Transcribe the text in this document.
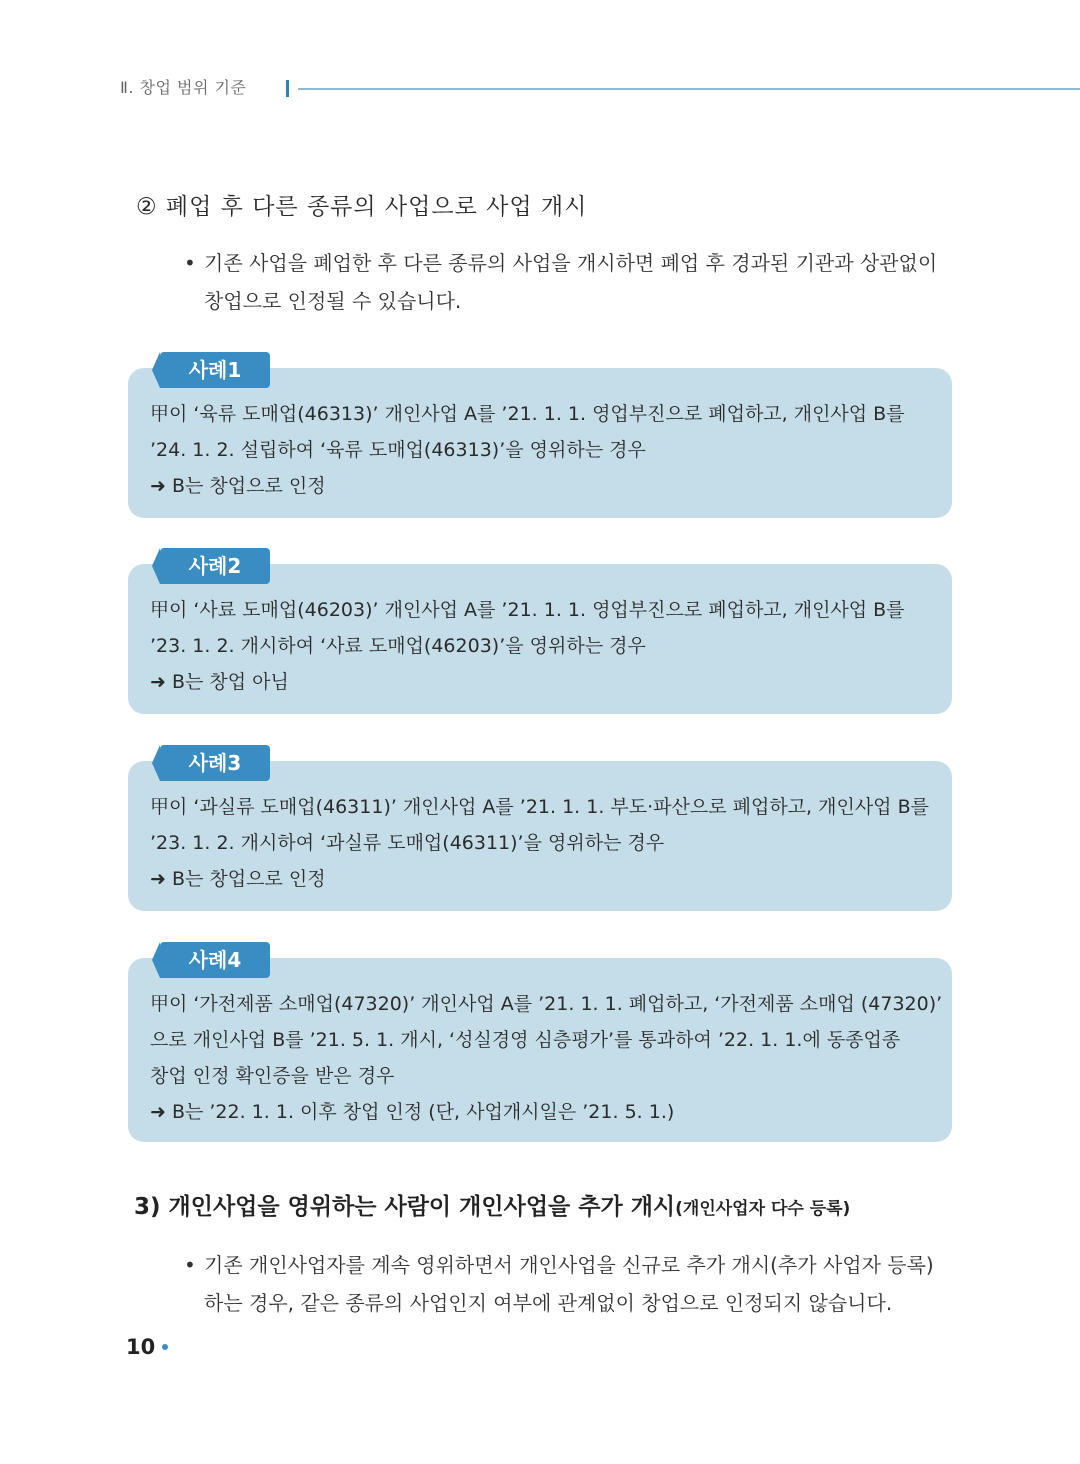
Ⅱ. 창업 범위 기준
② 폐업 후 다른 종류의 사업으로 사업 개시
• 기존 사업을 폐업한 후 다른 종류의 사업을 개시하면 폐업 후 경과된 기관과 상관없이 창업으로 인정될 수 있습니다.
甲이 ‘육류 도매업(46313)’ 개인사업 A를 ’21. 1. 1. 영업부진으로 폐업하고, 개인사업 B를
’24. 1. 2. 설립하여 ‘육류 도매업(46313)’을 영위하는 경우
➜ B는 창업으로 인정
사례1
甲이 ‘사료 도매업(46203)’ 개인사업 A를 ’21. 1. 1. 영업부진으로 폐업하고, 개인사업 B를
’23. 1. 2. 개시하여 ‘사료 도매업(46203)’을 영위하는 경우
➜ B는 창업 아님
사례2
甲이 ‘과실류 도매업(46311)’ 개인사업 A를 ’21. 1. 1. 부도·파산으로 폐업하고, 개인사업 B를
’23. 1. 2. 개시하여 ‘과실류 도매업(46311)’을 영위하는 경우
➜ B는 창업으로 인정
사례3
甲이 ‘가전제품 소매업(47320)’ 개인사업 A를 ’21. 1. 1. 폐업하고, ‘가전제품 소매업 (47320)’
으로 개인사업 B를 ’21. 5. 1. 개시, ‘성실경영 심층평가’를 통과하여 ’22. 1. 1.에 동종업종
창업 인정 확인증을 받은 경우
➜ B는 ’22. 1. 1. 이후 창업 인정 (단, 사업개시일은 ’21. 5. 1.)
사례4
3) 개인사업을 영위하는 사람이 개인사업을 추가 개시(개인사업자 다수 등록)
• 기존 개인사업자를 계속 영위하면서 개인사업을 신규로 추가 개시(추가 사업자 등록)하는 경우, 같은 종류의 사업인지 여부에 관계없이 창업으로 인정되지 않습니다.
10
